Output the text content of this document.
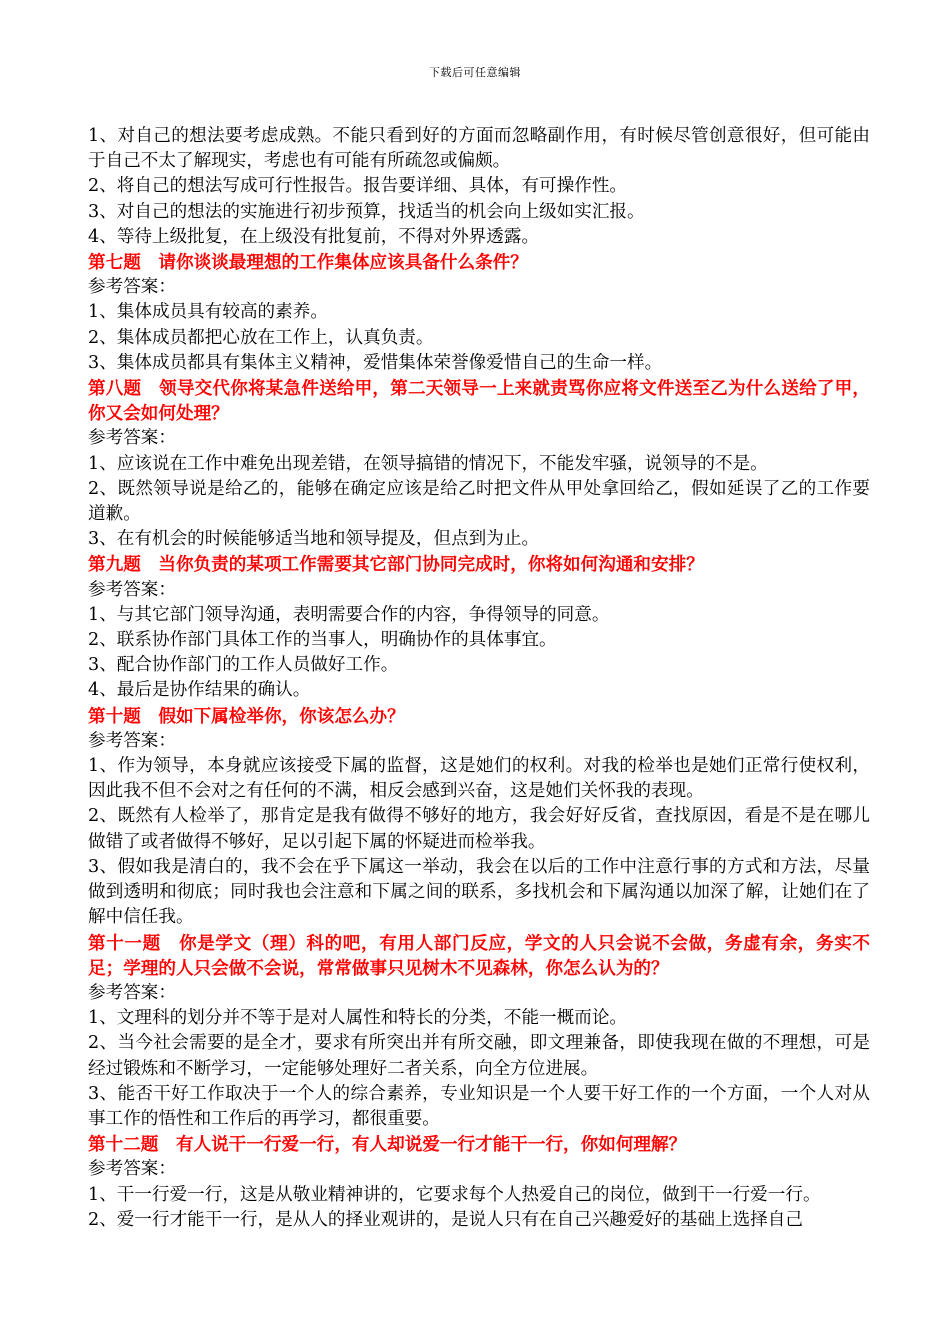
下载后可任意编辑

1、对自己的想法要考虑成熟。不能只看到好的方面而忽略副作用，有时候尽管创意很好，但可能由于自己不太了解现实，考虑也有可能有所疏忽或偏颇。

2、将自己的想法写成可行性报告。报告要详细、具体，有可操作性。

3、对自己的想法的实施进行初步预算，找适当的机会向上级如实汇报。

4、等待上级批复，在上级没有批复前，不得对外界透露。

第七题　请你谈谈最理想的工作集体应该具备什么条件？

参考答案：

1、集体成员具有较高的素养。

2、集体成员都把心放在工作上，认真负责。

3、集体成员都具有集体主义精神，爱惜集体荣誉像爱惜自己的生命一样。

第八题　领导交代你将某急件送给甲，第二天领导一上来就责骂你应将文件送至乙为什么送给了甲，你又会如何处理？

参考答案：

1、应该说在工作中难免出现差错，在领导搞错的情况下，不能发牢骚，说领导的不是。

2、既然领导说是给乙的，能够在确定应该是给乙时把文件从甲处拿回给乙，假如延误了乙的工作要道歉。

3、在有机会的时候能够适当地和领导提及，但点到为止。

第九题　当你负责的某项工作需要其它部门协同完成时，你将如何沟通和安排？

参考答案：

1、与其它部门领导沟通，表明需要合作的内容，争得领导的同意。

2、联系协作部门具体工作的当事人，明确协作的具体事宜。

3、配合协作部门的工作人员做好工作。

4、最后是协作结果的确认。

第十题　假如下属检举你，你该怎么办？

参考答案：

1、作为领导，本身就应该接受下属的监督，这是她们的权利。对我的检举也是她们正常行使权利，因此我不但不会对之有任何的不满，相反会感到兴奋，这是她们关怀我的表现。

2、既然有人检举了，那肯定是我有做得不够好的地方，我会好好反省，查找原因，看是不是在哪儿做错了或者做得不够好，足以引起下属的怀疑进而检举我。

3、假如我是清白的，我不会在乎下属这一举动，我会在以后的工作中注意行事的方式和方法，尽量做到透明和彻底；同时我也会注意和下属之间的联系，多找机会和下属沟通以加深了解，让她们在了解中信任我。

第十一题　你是学文（理）科的吧，有用人部门反应，学文的人只会说不会做，务虚有余，务实不足；学理的人只会做不会说，常常做事只见树木不见森林，你怎么认为的？

参考答案：

1、文理科的划分并不等于是对人属性和特长的分类，不能一概而论。

2、当今社会需要的是全才，要求有所突出并有所交融，即文理兼备，即使我现在做的不理想，可是经过锻炼和不断学习，一定能够处理好二者关系，向全方位进展。

3、能否干好工作取决于一个人的综合素养，专业知识是一个人要干好工作的一个方面，一个人对从事工作的悟性和工作后的再学习，都很重要。

第十二题　有人说干一行爱一行，有人却说爱一行才能干一行，你如何理解？

参考答案：

1、干一行爱一行，这是从敬业精神讲的，它要求每个人热爱自己的岗位，做到干一行爱一行。

2、爱一行才能干一行，是从人的择业观讲的，是说人只有在自己兴趣爱好的基础上选择自己
